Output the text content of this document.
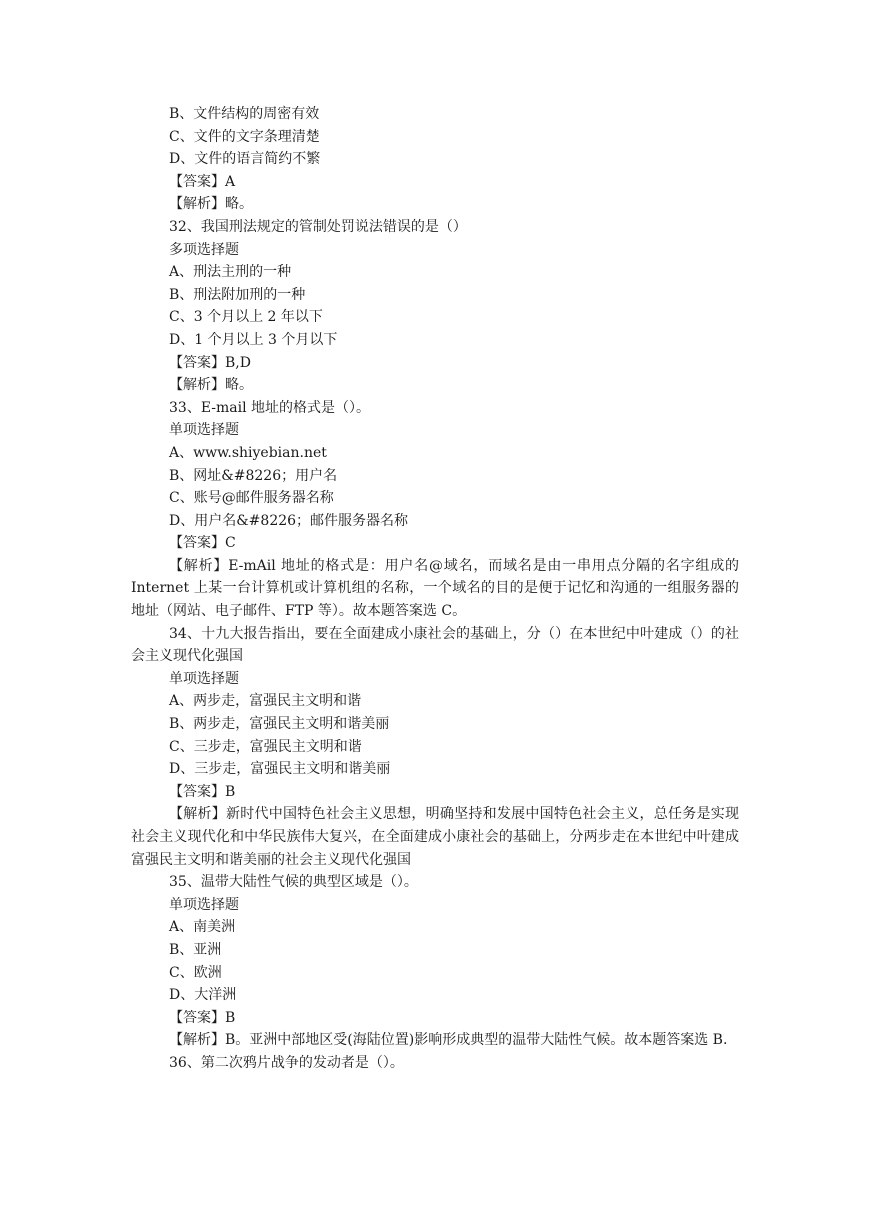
B、文件结构的周密有效
C、文件的文字条理清楚
D、文件的语言简约不繁
【答案】A
【解析】略。
32、我国刑法规定的管制处罚说法错误的是（）
多项选择题
A、刑法主刑的一种
B、刑法附加刑的一种
C、3 个月以上 2 年以下
D、1 个月以上 3 个月以下
【答案】B,D
【解析】略。
33、E-mail 地址的格式是（）。
单项选择题
A、www.shiyebian.net
B、网址&#8226；用户名
C、账号@邮件服务器名称
D、用户名&#8226；邮件服务器名称
【答案】C
【解析】E-mAil 地址的格式是：用户名@域名，而域名是由一串用点分隔的名字组成的 Internet 上某一台计算机或计算机组的名称，一个域名的目的是便于记忆和沟通的一组服务器的地址（网站、电子邮件、FTP 等）。故本题答案选 C。
34、十九大报告指出，要在全面建成小康社会的基础上，分（）在本世纪中叶建成（）的社会主义现代化强国
单项选择题
A、两步走，富强民主文明和谐
B、两步走，富强民主文明和谐美丽
C、三步走，富强民主文明和谐
D、三步走，富强民主文明和谐美丽
【答案】B
【解析】新时代中国特色社会主义思想，明确坚持和发展中国特色社会主义，总任务是实现社会主义现代化和中华民族伟大复兴，在全面建成小康社会的基础上，分两步走在本世纪中叶建成富强民主文明和谐美丽的社会主义现代化强国
35、温带大陆性气候的典型区域是（）。
单项选择题
A、南美洲
B、亚洲
C、欧洲
D、大洋洲
【答案】B
【解析】B。亚洲中部地区受(海陆位置)影响形成典型的温带大陆性气候。故本题答案选 B.
36、第二次鸦片战争的发动者是（）。
